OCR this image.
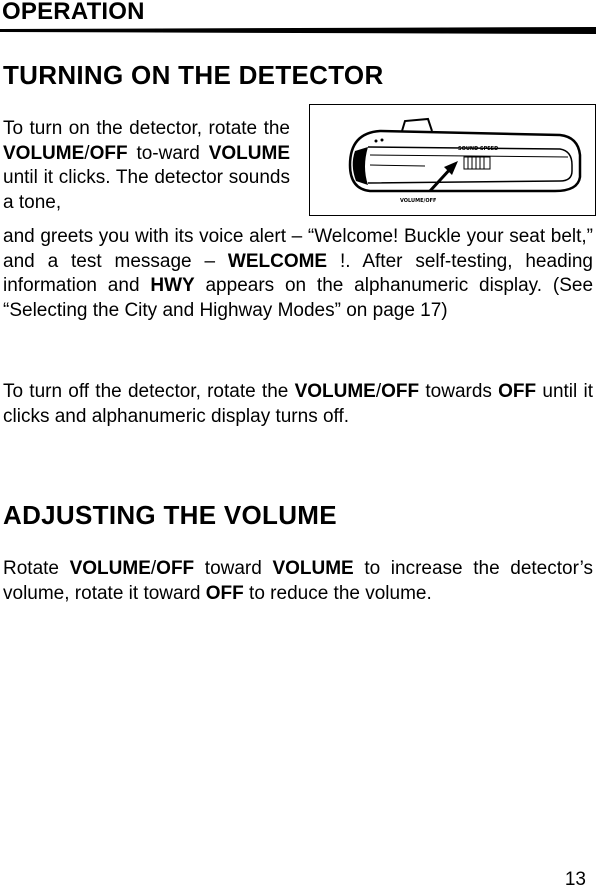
OPERATION
TURNING ON THE DETECTOR
To turn on the detector, rotate the VOLUME/OFF to-ward VOLUME until it clicks. The detector sounds a tone,	VOLUME/OFF
SOUND SPEED
and greets you with its voice alert – “Welcome! Buckle your seat belt,” and a test message – WELCOME !. After self-testing, heading information and HWY appears on the alphanumeric display. (See “Selecting the City and Highway Modes” on page 17)
To turn off the detector, rotate the VOLUME/OFF towards OFF until it clicks and alphanumeric display turns off.
ADJUSTING THE VOLUME
Rotate VOLUME/OFF toward VOLUME to increase the detector’s volume, rotate it toward OFF to reduce the volume.
13
